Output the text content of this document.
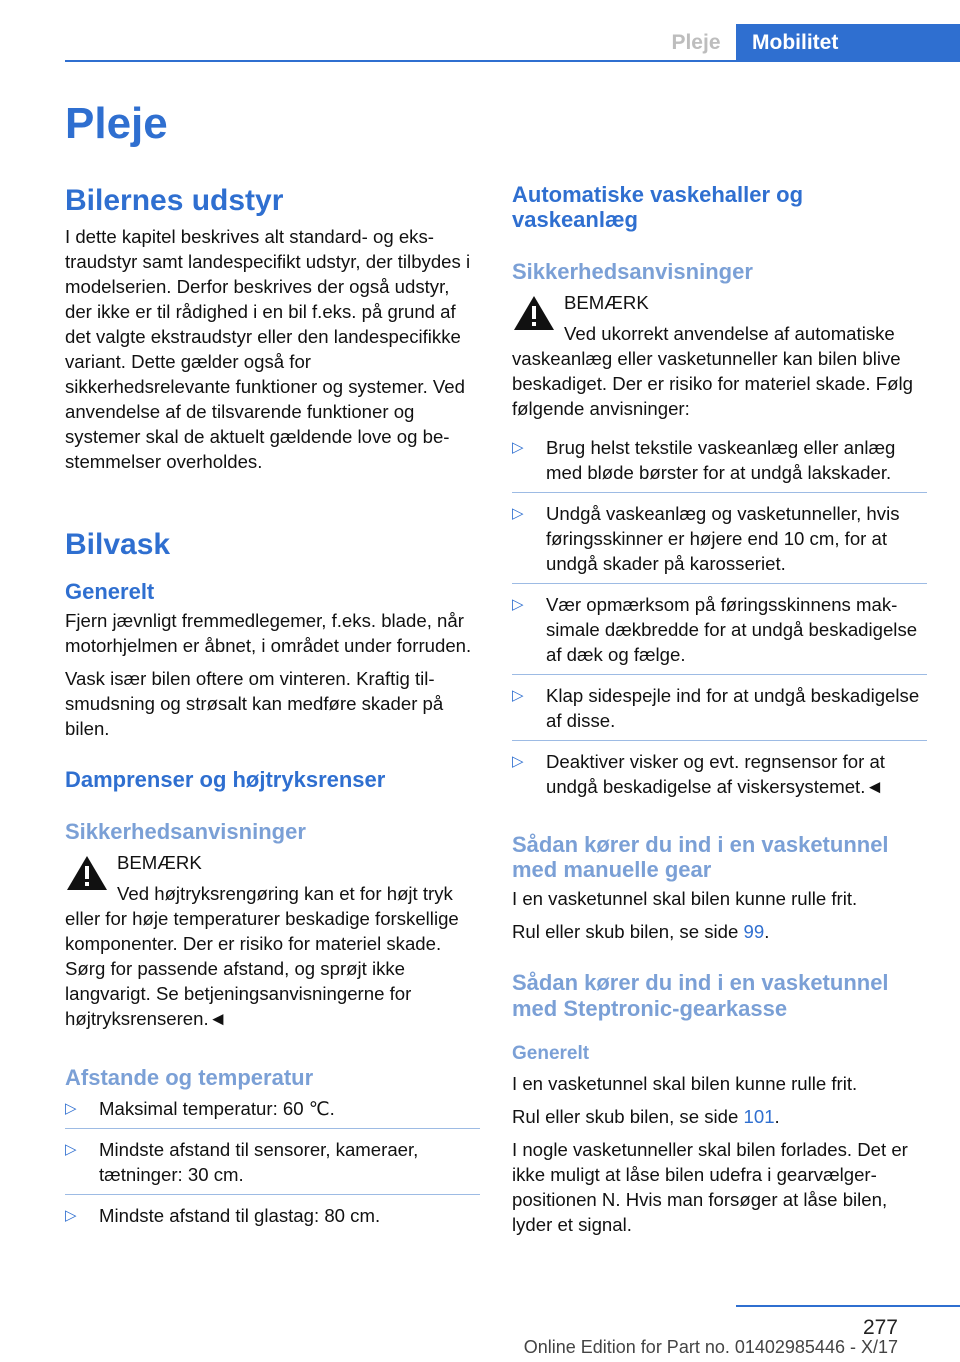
Pleje	Mobilitet
Pleje
Bilernes udstyr

I dette kapitel beskrives alt standard- og ekstraudstyr samt landespecifikt udstyr, der tilbydes i modelserien. Derfor beskrives der også udstyr, der ikke er til rådighed i en bil f.eks. på grund af det valgte ekstraudstyr eller den landespecifikke variant. Dette gælder også for sikkerhedsrelevante funktioner og systemer. Ved anvendelse af de tilsvarende funktioner og systemer skal de aktuelt gældende love og bestemmelser overholdes.

Bilvask
Generelt

Fjern jævnligt fremmedlegemer, f.eks. blade, når motorhjelmen er åbnet, i området under forruden.

Vask især bilen oftere om vinteren. Kraftig tilsmudsning og strøsalt kan medføre skader på bilen.

Damprenser og højtryksrenser
Sikkerhedsanvisninger
BEMÆRK

Ved højtryksrengøring kan et for højt tryk eller for høje temperaturer beskadige forskellige komponenter. Der er risiko for materiel skade. Sørg for passende afstand, og sprøjt ikke langvarigt. Se betjeningsanvisningerne for højtryksrenseren.◄

Afstande og temperatur
▷ Maksimal temperatur: 60 ℃.
▷ Mindste afstand til sensorer, kameraer, tætninger: 30 cm.
▷ Mindste afstand til glastag: 80 cm.
Automatiske vaskehaller og vaskeanlæg
Sikkerhedsanvisninger
BEMÆRK

Ved ukorrekt anvendelse af automatiske vaskeanlæg eller vasketunneller kan bilen blive beskadiget. Der er risiko for materiel skade. Følg følgende anvisninger:

▷ Brug helst tekstile vaskeanlæg eller anlæg med bløde børster for at undgå lakskader.
▷ Undgå vaskeanlæg og vasketunneller, hvis føringsskinner er højere end 10 cm, for at undgå skader på karosseriet.
▷ Vær opmærksom på føringsskinnens maksimale dækbredde for at undgå beskadigelse af dæk og fælge.
▷ Klap sidespejle ind for at undgå beskadigelse af disse.
▷ Deaktiver visker og evt. regnsensor for at undgå beskadigelse af viskersystemet.◄
Sådan kører du ind i en vasketunnel med manuelle gear

I en vasketunnel skal bilen kunne rulle frit.

Rul eller skub bilen, se side 99.

Sådan kører du ind i en vasketunnel med Steptronic-gearkasse
Generelt

I en vasketunnel skal bilen kunne rulle frit.

Rul eller skub bilen, se side 101.

I nogle vasketunneller skal bilen forlades. Det er ikke muligt at låse bilen udefra i gearvælgerpositionen N. Hvis man forsøger at låse bilen, lyder et signal.

277
Online Edition for Part no. 01402985446 - X/17
